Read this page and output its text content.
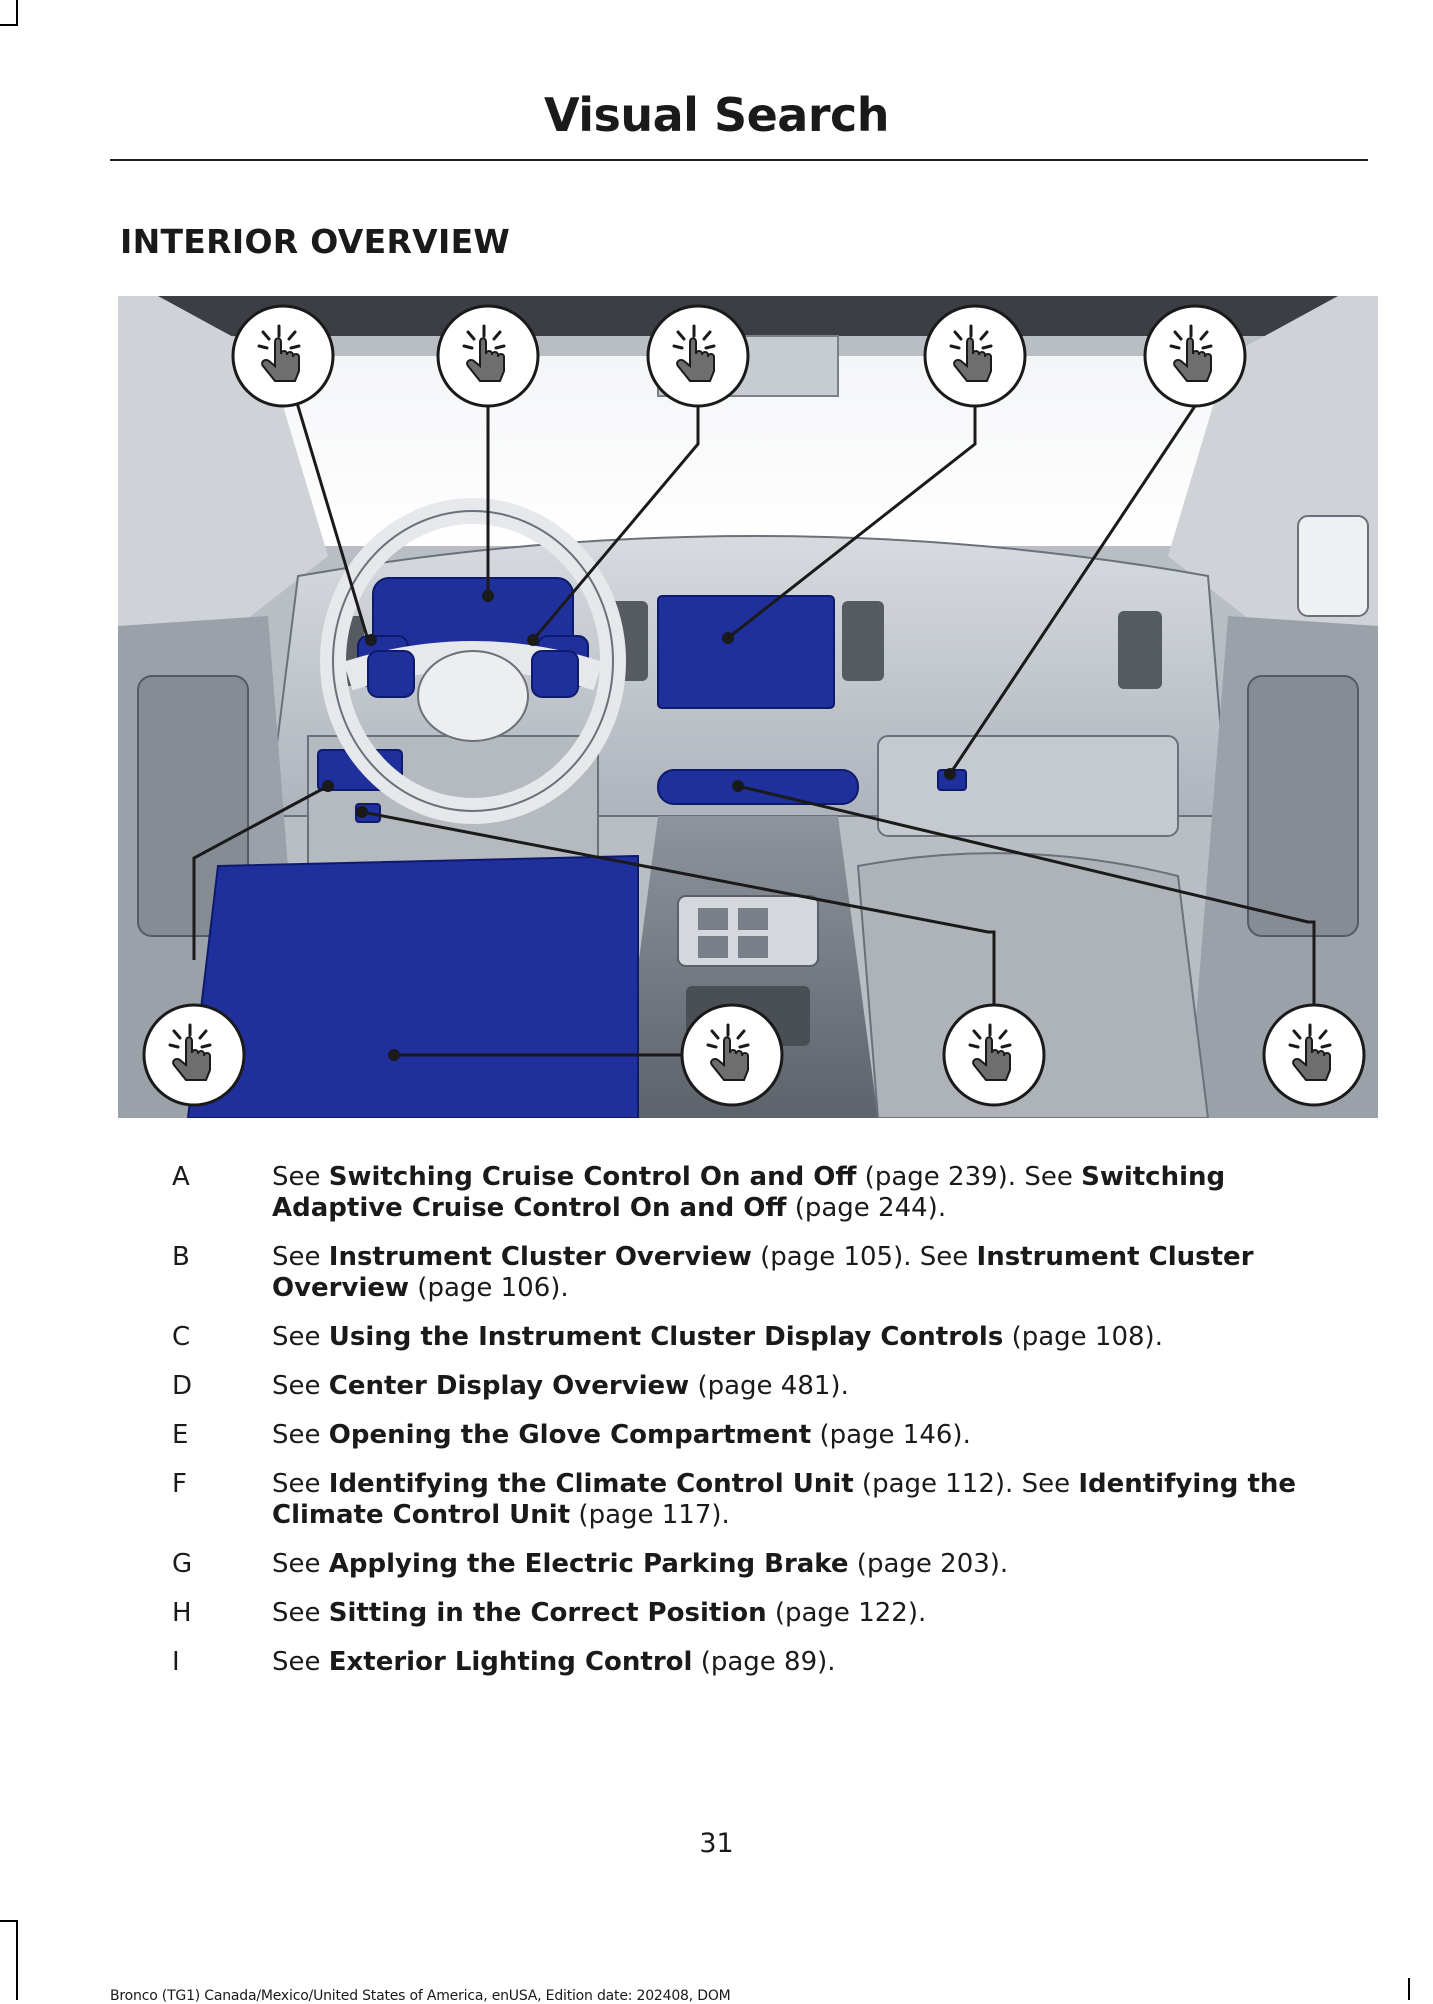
Visual Search
INTERIOR OVERVIEW
A	See Switching Cruise Control On and Off (page 239). See Switching Adaptive Cruise Control On and Off (page 244).
B	See Instrument Cluster Overview (page 105). See Instrument Cluster Overview (page 106).
C	See Using the Instrument Cluster Display Controls (page 108).
D	See Center Display Overview (page 481).
E	See Opening the Glove Compartment (page 146).
F	See Identifying the Climate Control Unit (page 112). See Identifying the Climate Control Unit (page 117).
G	See Applying the Electric Parking Brake (page 203).
H	See Sitting in the Correct Position (page 122).
I	See Exterior Lighting Control (page 89).
31
Bronco (TG1) Canada/Mexico/United States of America, enUSA, Edition date: 202408, DOM
